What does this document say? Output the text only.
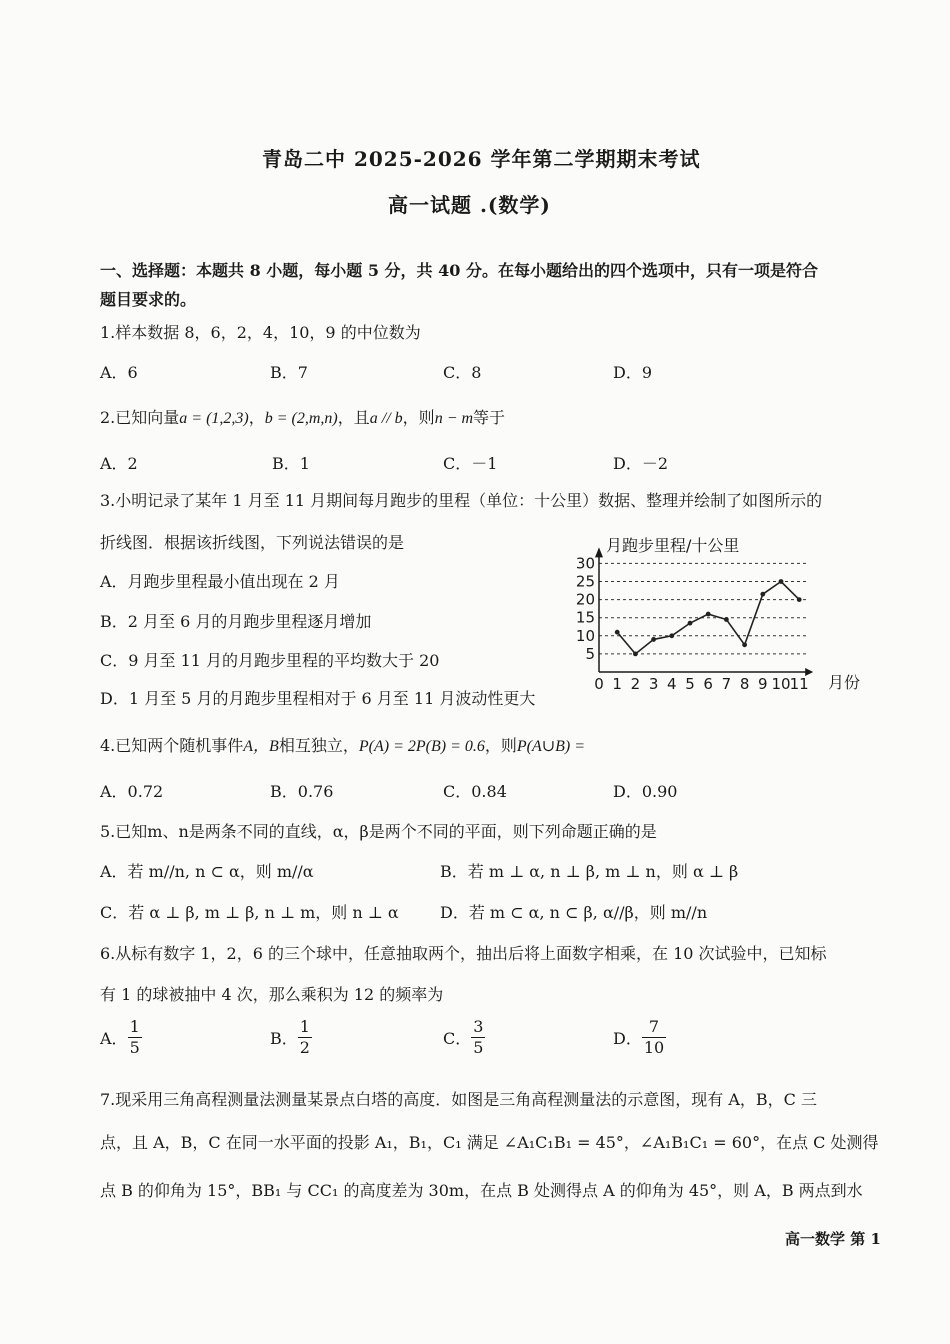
青岛二中 2025-2026 学年第二学期期末考试
高一试题 .(数学)
一、选择题：本题共 8 小题，每小题 5 分，共 40 分。在每小题给出的四个选项中，只有一项是符合
题目要求的。
1.样本数据 8，6，2，4，10，9 的中位数为
A．6	B．7	C．8	D．9
2.已知向量a = (1,2,3)，b = (2,m,n)，且a // b，则n − m等于
A．2	B．1	C．－1	D．－2
3.小明记录了某年 1 月至 11 月期间每月跑步的里程（单位：十公里）数据、整理并绘制了如图所示的
折线图．根据该折线图，下列说法错误的是
A．月跑步里程最小值出现在 2 月
B．2 月至 6 月的月跑步里程逐月增加
C．9 月至 11 月的月跑步里程的平均数大于 20
D．1 月至 5 月的月跑步里程相对于 6 月至 11 月波动性更大
5
10
15
20
25
30
0 1 2 3 4 5 6 7 8 9 10 11
月跑步里程/十公里
月份
4.已知两个随机事件A，B相互独立，P(A) = 2P(B) = 0.6，则P(A∪B) =
A．0.72	B．0.76	C．0.84	D．0.90
5.已知m、n是两条不同的直线，α，β是两个不同的平面，则下列命题正确的是
A．若 m//n, n ⊂ α，则 m//α	B．若 m ⊥ α, n ⊥ β, m ⊥ n，则 α ⊥ β
C．若 α ⊥ β, m ⊥ β, n ⊥ m，则 n ⊥ α	D．若 m ⊂ α, n ⊂ β, α//β，则 m//n
6.从标有数字 1，2，6 的三个球中，任意抽取两个，抽出后将上面数字相乘，在 10 次试验中，已知标
有 1 的球被抽中 4 次，那么乘积为 12 的频率为
A． $\frac{1}{5}$	B． $\frac{1}{2}$	C． $\frac{3}{5}$	D． $\frac{7}{10}$
7.现采用三角高程测量法测量某景点白塔的高度．如图是三角高程测量法的示意图，现有 A，B，C 三
点，且 A，B，C 在同一水平面的投影 A₁，B₁，C₁ 满足 ∠A₁C₁B₁ = 45°，∠A₁B₁C₁ = 60°，在点 C 处测得
点 B 的仰角为 15°，BB₁ 与 CC₁ 的高度差为 30m，在点 B 处测得点 A 的仰角为 45°，则 A，B 两点到水
高一数学 第 1
